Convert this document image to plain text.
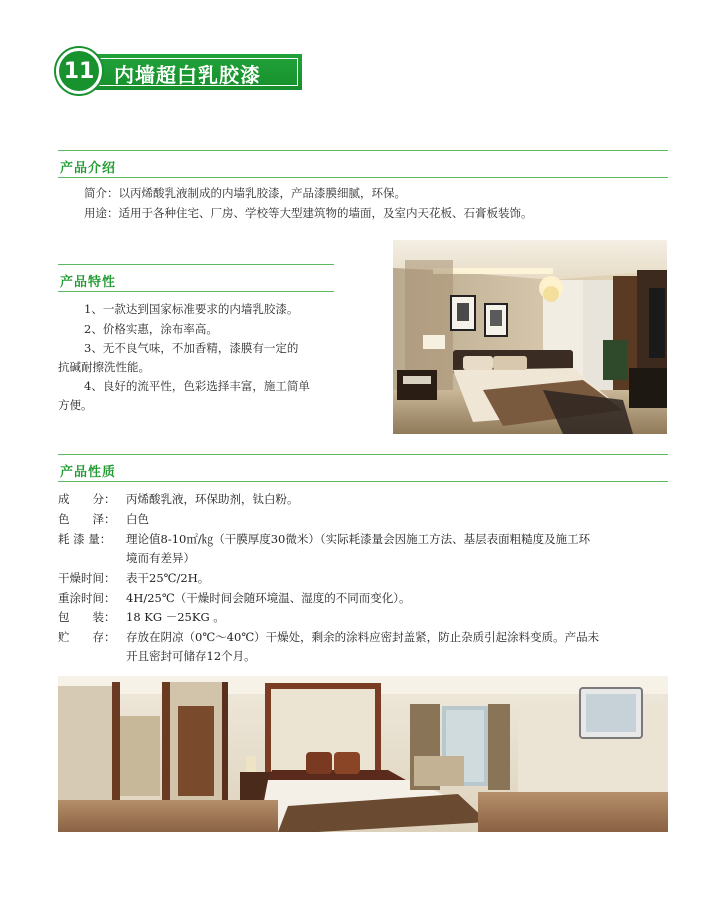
11 内墙超白乳胶漆
产品介绍
简介：以丙烯酸乳液制成的内墙乳胶漆，产品漆膜细腻，环保。
用途：适用于各种住宅、厂房、学校等大型建筑物的墙面，及室内天花板、石膏板装饰。
产品特性
1、一款达到国家标准要求的内墙乳胶漆。
2、价格实惠，涂布率高。
3、无不良气味，不加香精，漆膜有一定的
抗碱耐擦洗性能。
4、良好的流平性，色彩选择丰富，施工简单
方便。
产品性质
成　　分： 丙烯酸乳液，环保助剂，钛白粉。
色　　泽： 白色
耗 漆 量： 理论值8-10㎡/㎏（干膜厚度30微米）（实际耗漆量会因施工方法、基层表面粗糙度及施工环
境而有差异）
干燥时间： 表干25℃/2H。
重涂时间： 4H/25℃（干燥时间会随环境温、湿度的不同而变化）。
包　　装： 18 KG －25KG 。
贮　　存： 存放在阴凉（0℃～40℃）干燥处，剩余的涂料应密封盖紧，防止杂质引起涂料变质。产品未
开且密封可储存12个月。
